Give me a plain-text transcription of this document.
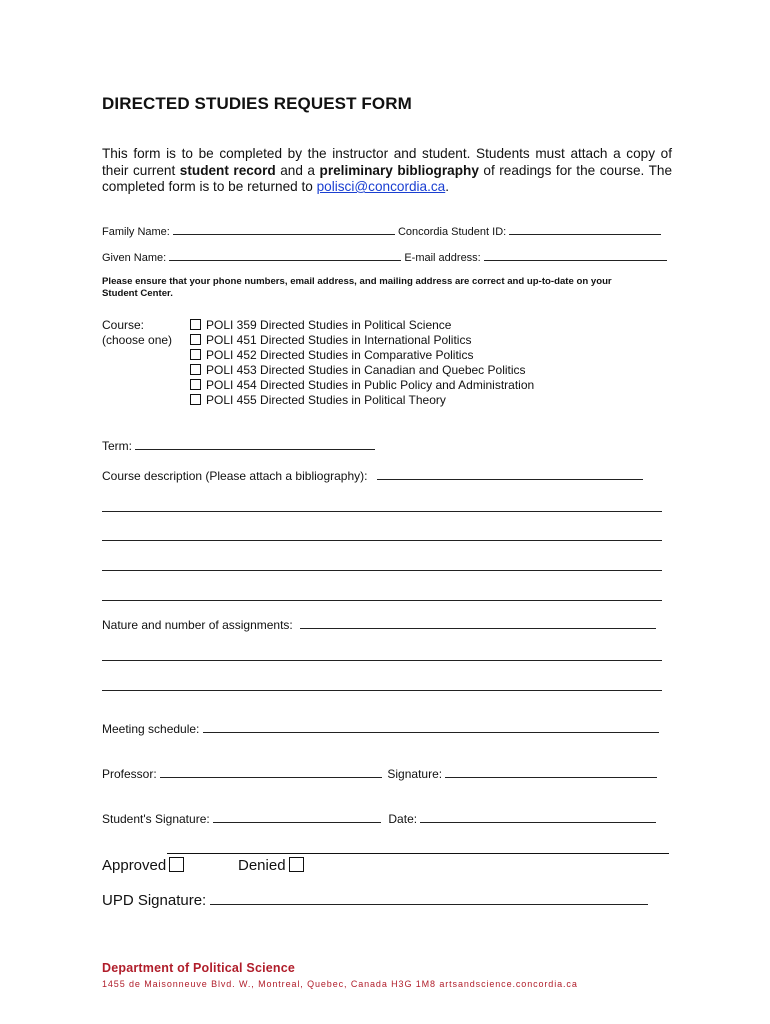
DIRECTED STUDIES REQUEST FORM
This form is to be completed by the instructor and student. Students must attach a copy of their current student record and a preliminary bibliography of readings for the course. The completed form is to be returned to polisci@concordia.ca.
Family Name:	Concordia Student ID:
Given Name:	E-mail address:
Please ensure that your phone numbers, email address, and mailing address are correct and up-to-date on your
Student Center.
Course:
(choose one)
POLI 359 Directed Studies in Political Science
POLI 451 Directed Studies in International Politics
POLI 452 Directed Studies in Comparative Politics
POLI 453 Directed Studies in Canadian and Quebec Politics
POLI 454 Directed Studies in Public Policy and Administration
POLI 455 Directed Studies in Political Theory
Term:
Course description (Please attach a bibliography):
Nature and number of assignments:
Meeting schedule:
Professor:	Signature:
Student's Signature:	Date:
Approved	Denied
UPD Signature:
Department of Political Science
1455 de Maisonneuve Blvd. W., Montreal, Quebec, Canada H3G 1M8 artsandscience.concordia.ca
